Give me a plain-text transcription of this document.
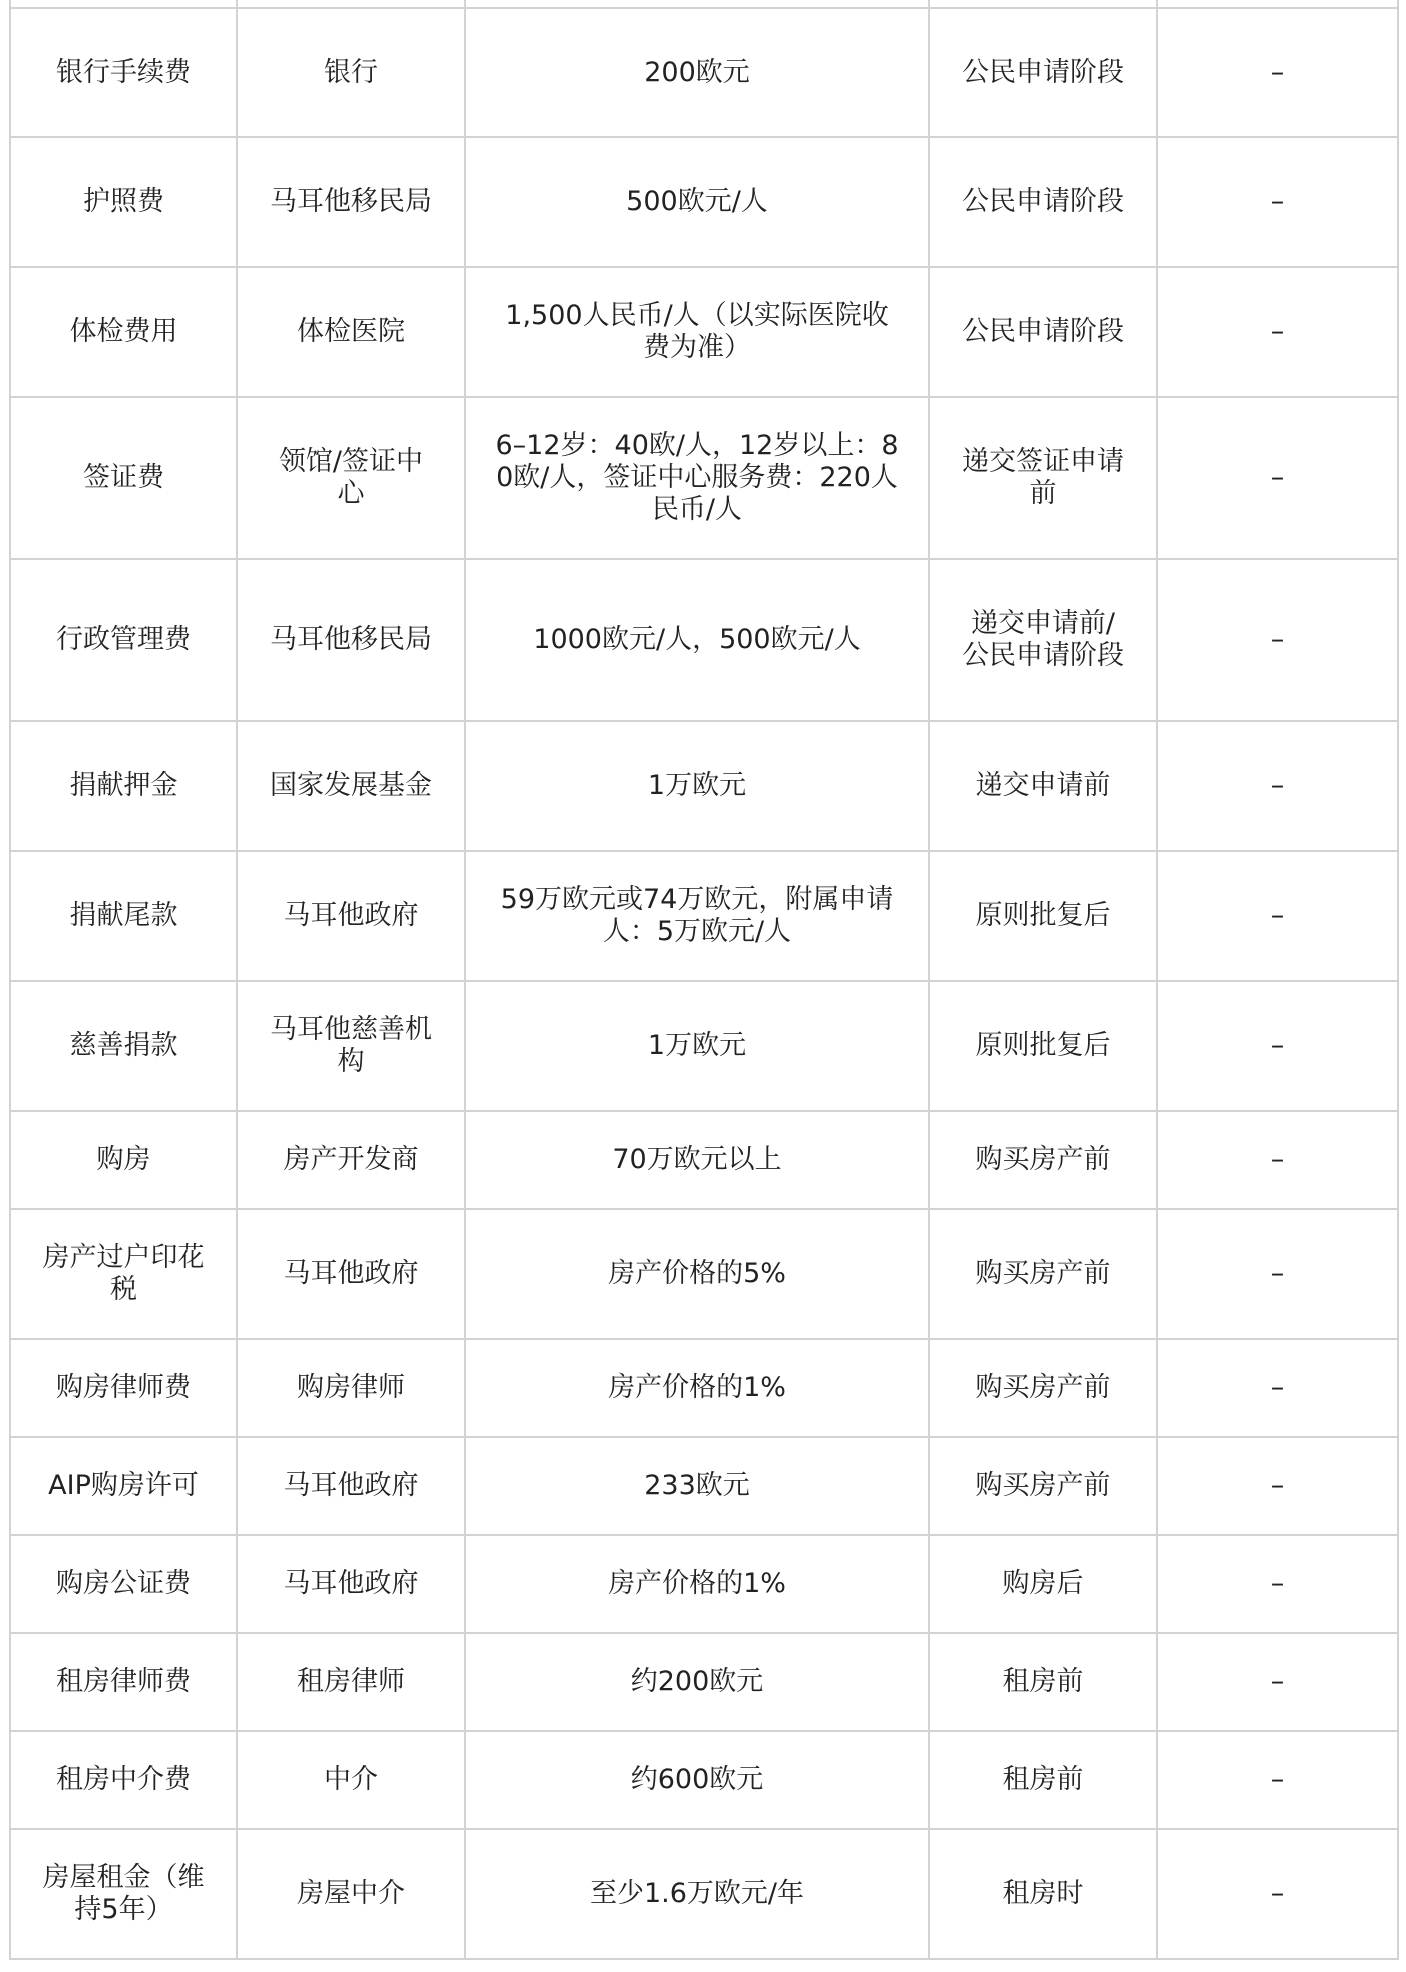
银行手续费	银行	200欧元	公民申请阶段	–
护照费	马耳他移民局	500欧元/人	公民申请阶段	–
体检费用	体检医院	1,500人民币/人（以实际医院收费为准）	公民申请阶段	–
签证费	领馆/签证中心	6–12岁：40欧/人，12岁以上：80欧/人，签证中心服务费：220人民币/人	递交签证申请前	–
行政管理费	马耳他移民局	1000欧元/人，500欧元/人	递交申请前/公民申请阶段	–
捐献押金	国家发展基金	1万欧元	递交申请前	–
捐献尾款	马耳他政府	59万欧元或74万欧元，附属申请人：5万欧元/人	原则批复后	–
慈善捐款	马耳他慈善机构	1万欧元	原则批复后	–
购房	房产开发商	70万欧元以上	购买房产前	–
房产过户印花税	马耳他政府	房产价格的5%	购买房产前	–
购房律师费	购房律师	房产价格的1%	购买房产前	–
AIP购房许可	马耳他政府	233欧元	购买房产前	–
购房公证费	马耳他政府	房产价格的1%	购房后	–
租房律师费	租房律师	约200欧元	租房前	–
租房中介费	中介	约600欧元	租房前	–
房屋租金（维持5年）	房屋中介	至少1.6万欧元/年	租房时	–
